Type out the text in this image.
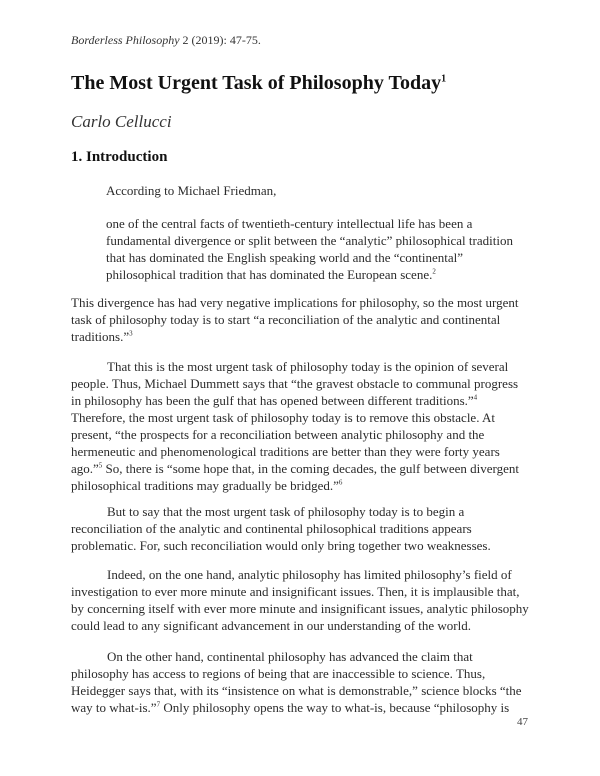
Borderless Philosophy 2 (2019): 47-75.
The Most Urgent Task of Philosophy Today$^1$
Carlo Cellucci
1. Introduction
According to Michael Friedman,
one of the central facts of twentieth-century intellectual life has been a
fundamental divergence or split between the “analytic” philosophical tradition
that has dominated the English speaking world and the “continental”
philosophical tradition that has dominated the European scene.$^2$
This divergence has had very negative implications for philosophy, so the most urgent
task of philosophy today is to start “a reconciliation of the analytic and continental
traditions.”$^3$
That this is the most urgent task of philosophy today is the opinion of several
people. Thus, Michael Dummett says that “the gravest obstacle to communal progress
in philosophy has been the gulf that has opened between different traditions.”$^4$
Therefore, the most urgent task of philosophy today is to remove this obstacle. At
present, “the prospects for a reconciliation between analytic philosophy and the
hermeneutic and phenomenological traditions are better than they were forty years
ago.”$^5$ So, there is “some hope that, in the coming decades, the gulf between divergent
philosophical traditions may gradually be bridged.”$^6$
But to say that the most urgent task of philosophy today is to begin a
reconciliation of the analytic and continental philosophical traditions appears
problematic. For, such reconciliation would only bring together two weaknesses.
Indeed, on the one hand, analytic philosophy has limited philosophy’s field of
investigation to ever more minute and insignificant issues. Then, it is implausible that,
by concerning itself with ever more minute and insignificant issues, analytic philosophy
could lead to any significant advancement in our understanding of the world.
On the other hand, continental philosophy has advanced the claim that
philosophy has access to regions of being that are inaccessible to science. Thus,
Heidegger says that, with its “insistence on what is demonstrable,” science blocks “the
way to what-is.”$^7$ Only philosophy opens the way to what-is, because “philosophy is
47
